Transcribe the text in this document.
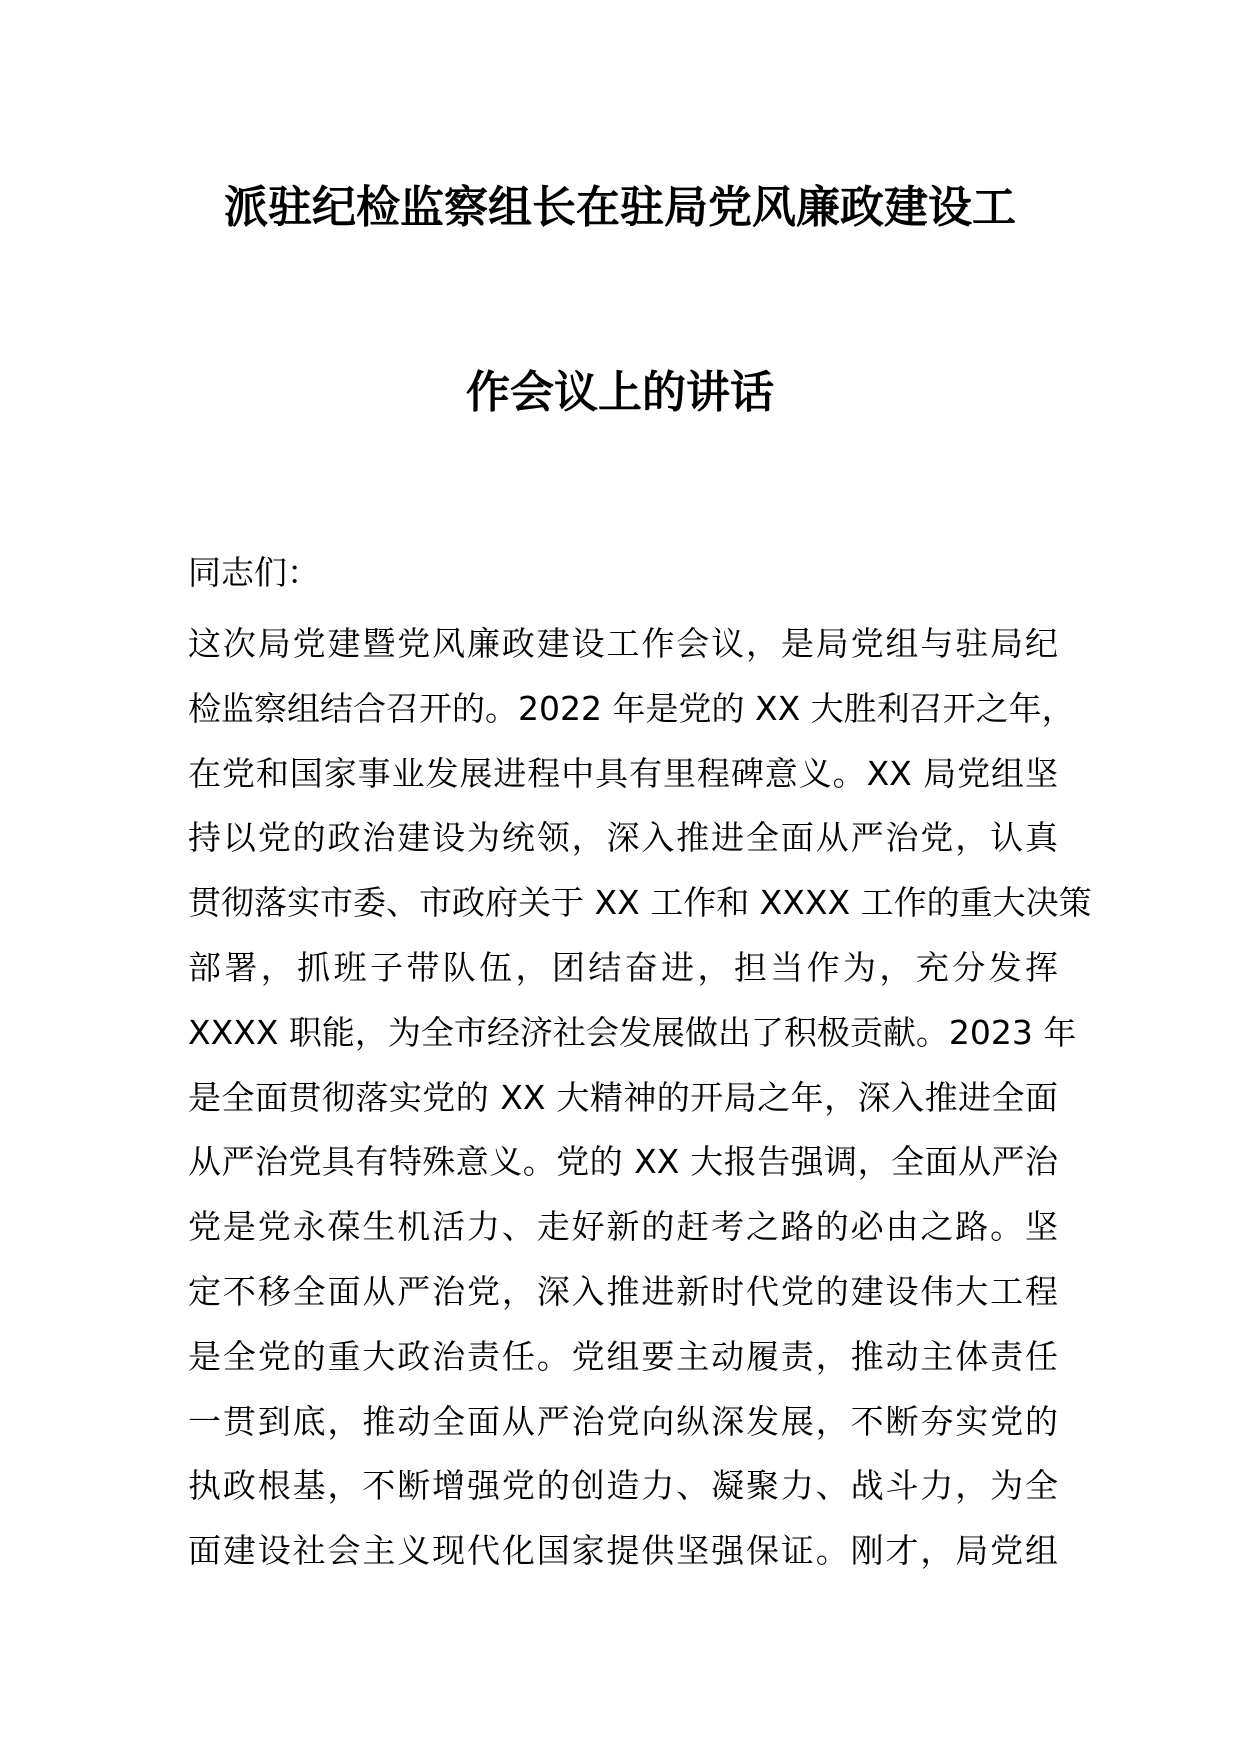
派驻纪检监察组长在驻局党风廉政建设工
作会议上的讲话
同志们：
这次局党建暨党风廉政建设工作会议，是局党组与驻局纪
检监察组结合召开的。2022 年是党的 XX 大胜利召开之年，
在党和国家事业发展进程中具有里程碑意义。XX 局党组坚
持以党的政治建设为统领，深入推进全面从严治党，认真
贯彻落实市委、市政府关于 XX 工作和 XXXX 工作的重大决策
部署，抓班子带队伍，团结奋进，担当作为，充分发挥
XXXX 职能，为全市经济社会发展做出了积极贡献。2023 年
是全面贯彻落实党的 XX 大精神的开局之年，深入推进全面
从严治党具有特殊意义。党的 XX 大报告强调，全面从严治
党是党永葆生机活力、走好新的赶考之路的必由之路。坚
定不移全面从严治党，深入推进新时代党的建设伟大工程
是全党的重大政治责任。党组要主动履责，推动主体责任
一贯到底，推动全面从严治党向纵深发展，不断夯实党的
执政根基，不断增强党的创造力、凝聚力、战斗力，为全
面建设社会主义现代化国家提供坚强保证。刚才，局党组
